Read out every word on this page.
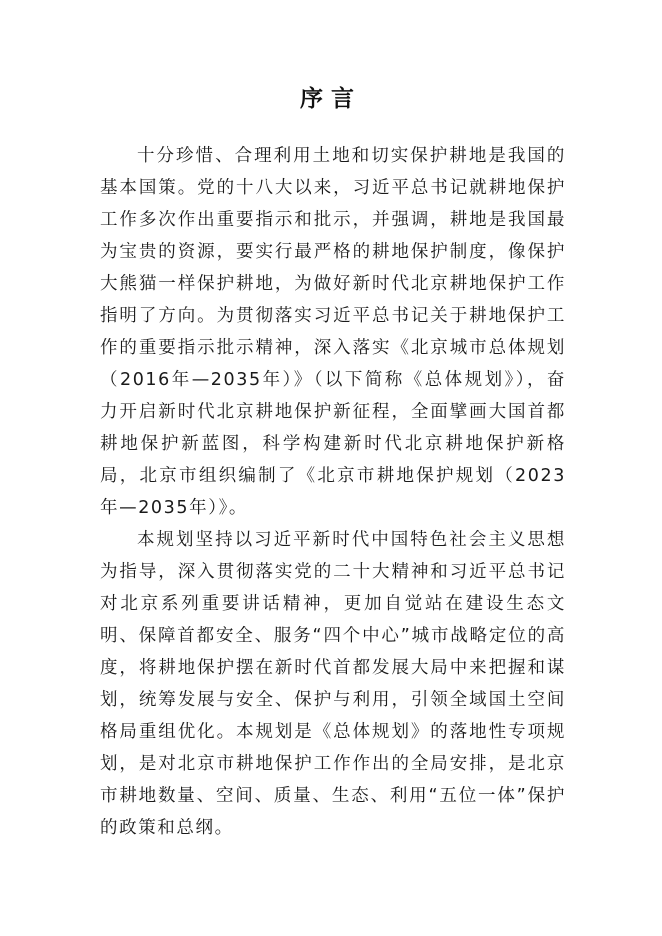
序言

十分珍惜、合理利用土地和切实保护耕地是我国的基本国策。党的十八大以来，习近平总书记就耕地保护工作多次作出重要指示和批示，并强调，耕地是我国最为宝贵的资源，要实行最严格的耕地保护制度，像保护大熊猫一样保护耕地，为做好新时代北京耕地保护工作指明了方向。为贯彻落实习近平总书记关于耕地保护工作的重要指示批示精神，深入落实《北京城市总体规划（2016年—2035年）》（以下简称《总体规划》），奋力开启新时代北京耕地保护新征程，全面擘画大国首都耕地保护新蓝图，科学构建新时代北京耕地保护新格局，北京市组织编制了《北京市耕地保护规划（2023年—2035年）》。

本规划坚持以习近平新时代中国特色社会主义思想为指导，深入贯彻落实党的二十大精神和习近平总书记对北京系列重要讲话精神，更加自觉站在建设生态文明、保障首都安全、服务“四个中心”城市战略定位的高度，将耕地保护摆在新时代首都发展大局中来把握和谋划，统筹发展与安全、保护与利用，引领全域国土空间格局重组优化。本规划是《总体规划》的落地性专项规划，是对北京市耕地保护工作作出的全局安排，是北京市耕地数量、空间、质量、生态、利用“五位一体”保护的政策和总纲。
